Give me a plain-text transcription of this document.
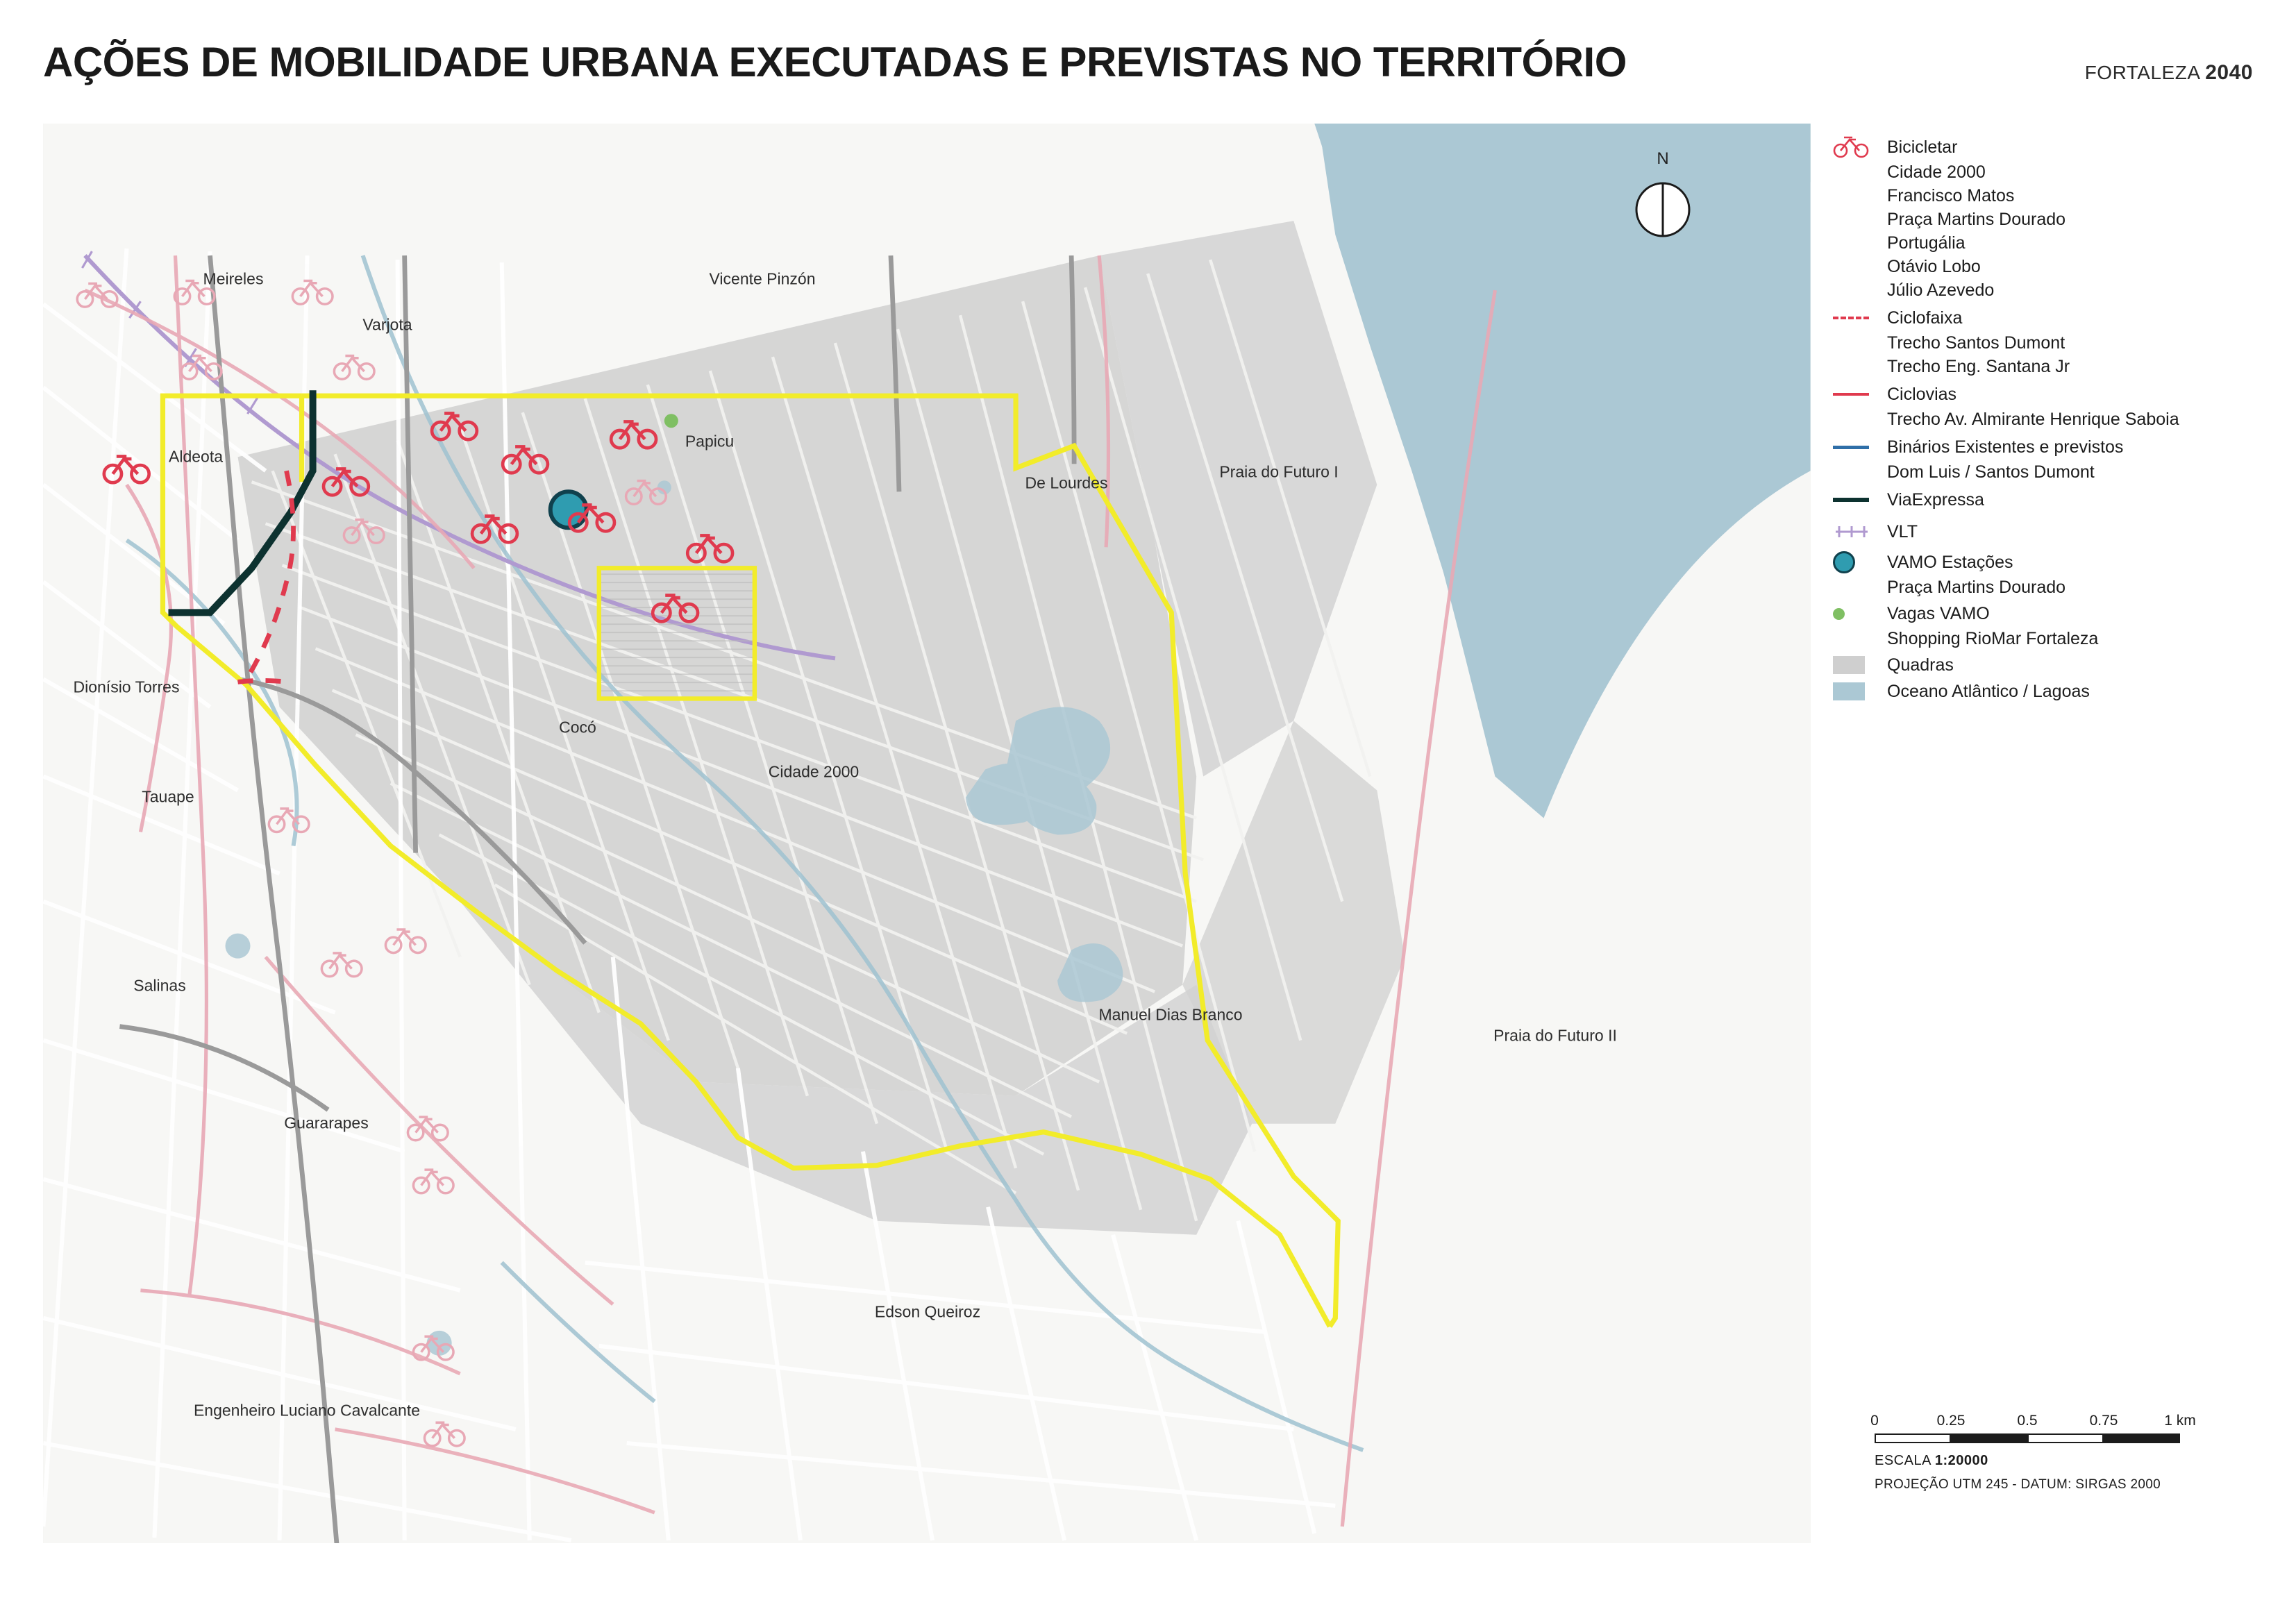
AÇÕES DE MOBILIDADE URBANA EXECUTADAS E PREVISTAS NO TERRITÓRIO	FORTALEZA 2040
Meireles	Vicente Pinzón
Varjota
Aldeota
Papicu
De Lourdes
Praia do Futuro I
Dionísio Torres
Cocó
Cidade 2000
Tauape
Salinas
Manuel Dias Branco
Praia do Futuro II
Guararapes
Edson Queiroz
Engenheiro Luciano Cavalcante
N
Bicicletar
Cidade 2000
Francisco Matos
Praça Martins Dourado
Portugália
Otávio Lobo
Júlio Azevedo
Ciclofaixa
Trecho Santos Dumont
Trecho Eng. Santana Jr
Ciclovias
Trecho Av. Almirante Henrique Saboia
Binários Existentes e previstos
Dom Luis / Santos Dumont
ViaExpressa
VLT
VAMO Estações
Praça Martins Dourado
Vagas VAMO
Shopping RioMar Fortaleza
Quadras
Oceano Atlântico / Lagoas
0	0.25	0.5	0.75	1 km
ESCALA 1:20000
PROJEÇÃO UTM 245 - DATUM: SIRGAS 2000
